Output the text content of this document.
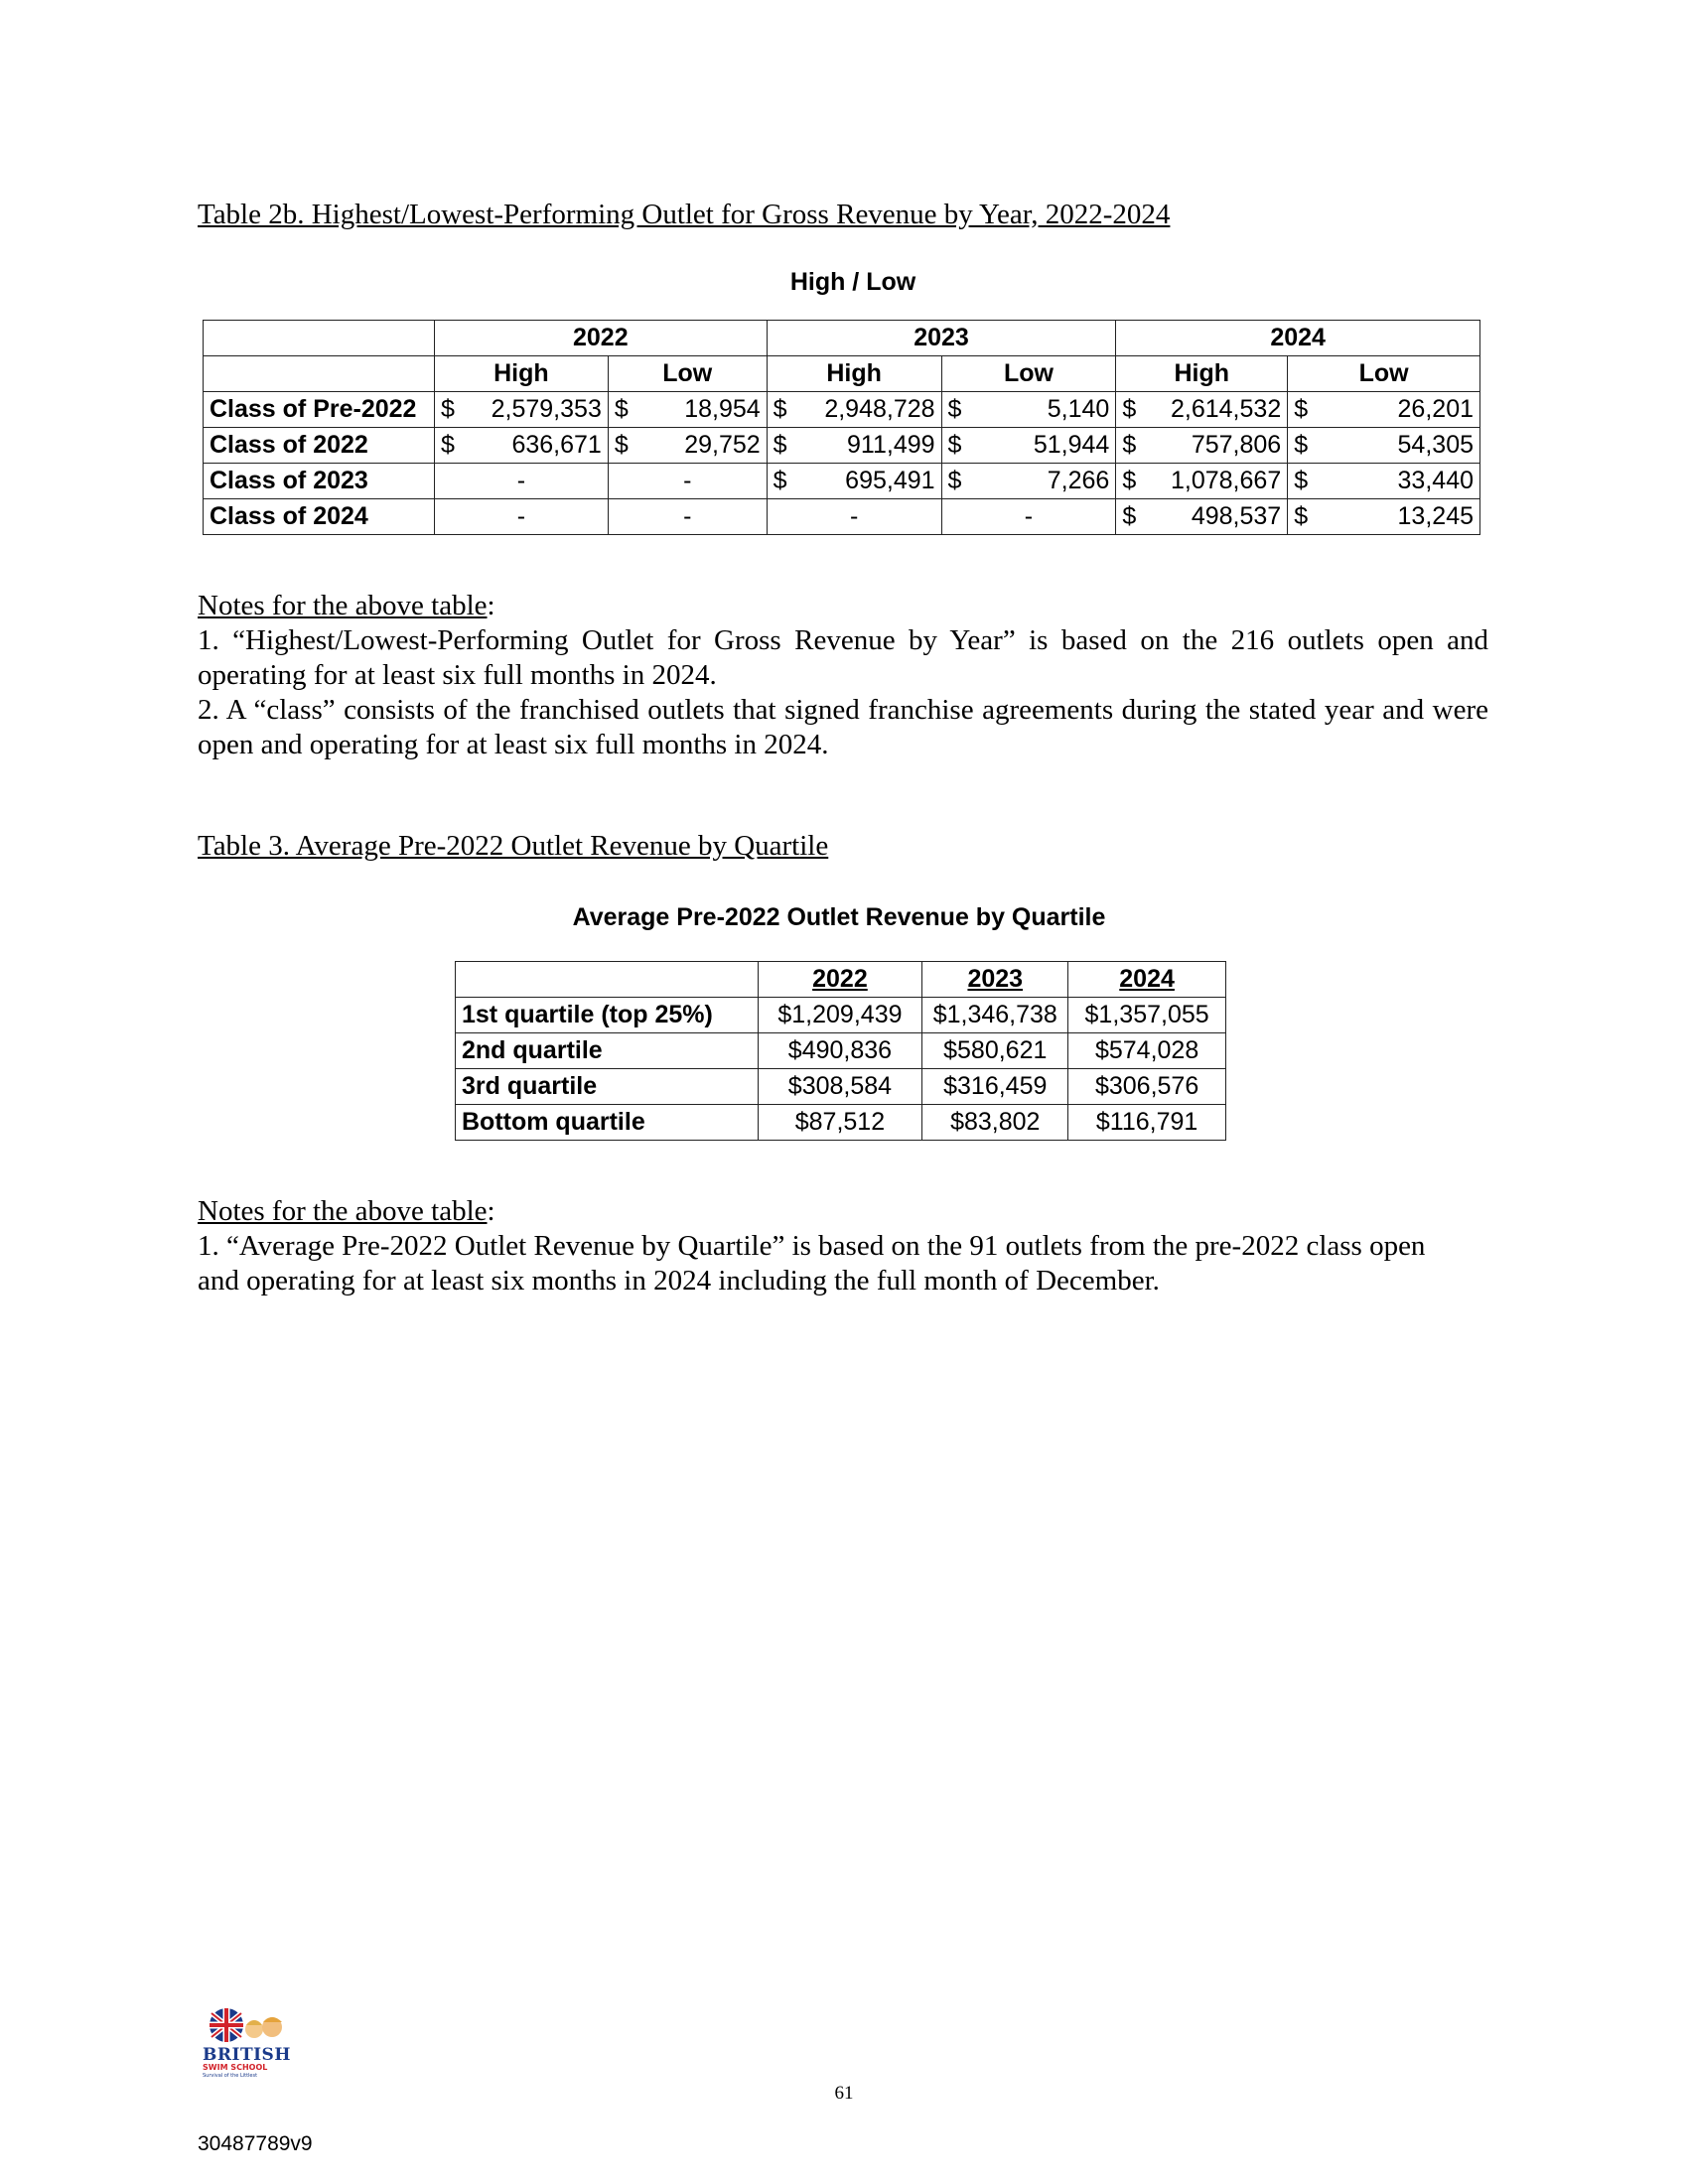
Table 2b. Highest/Lowest-Performing Outlet for Gross Revenue by Year, 2022-2024
High / Low
	2022		2023		2024	
	High	Low	High	Low	High	Low
Class of Pre-2022	$ 2,579,353	$ 18,954	$ 2,948,728	$ 5,140	$ 2,614,532	$ 26,201

Class of 2022	$ 636,671	$ 29,752	$ 911,499	$ 51,944	$ 757,806	$ 54,305

Class of 2023	-	-	$ 695,491	$ 7,266	$ 1,078,667	$ 33,440

Class of 2024	-	-	-	-	$ 498,537	$ 13,245
Notes for the above table:
1. “Highest/Lowest-Performing Outlet for Gross Revenue by Year” is based on the 216 outlets open and operating for at least six full months in 2024.
2. A “class” consists of the franchised outlets that signed franchise agreements during the stated year and were open and operating for at least six full months in 2024.
Table 3. Average Pre-2022 Outlet Revenue by Quartile
Average Pre-2022 Outlet Revenue by Quartile
	2022	2023	2024
1st quartile (top 25%)	$1,209,439	$1,346,738	$1,357,055
2nd quartile	$490,836	$580,621	$574,028
3rd quartile	$308,584	$316,459	$306,576
Bottom quartile	$87,512	$83,802	$116,791
Notes for the above table:
1. “Average Pre-2022 Outlet Revenue by Quartile” is based on the 91 outlets from the pre-2022 class open and operating for at least six months in 2024 including the full month of December.
BRITISH
SWIM SCHOOL
Survival of the Littlest
61
30487789v9
